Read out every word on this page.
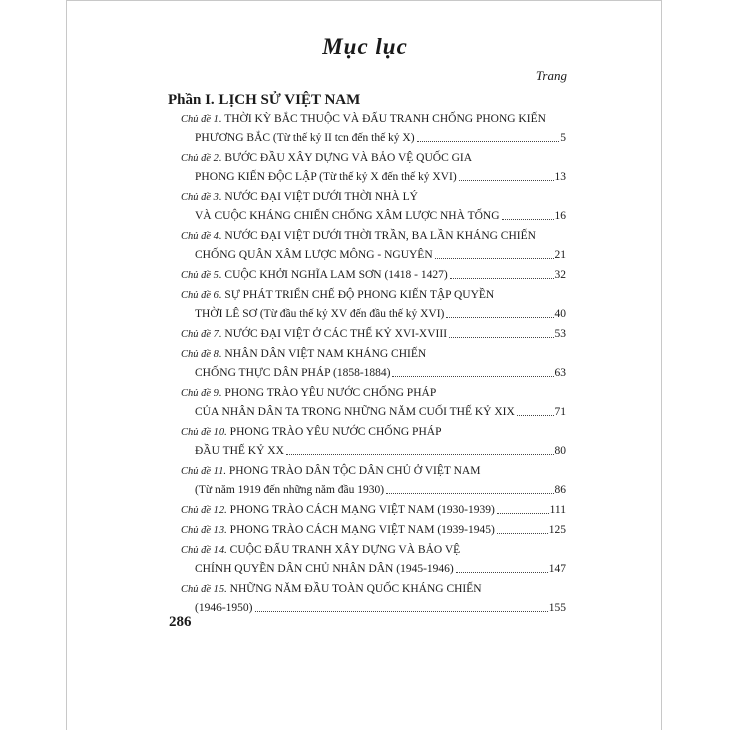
Mục lục
Trang
Phần I. LỊCH SỬ VIỆT NAM
Chủ đề 1. THỜI KỲ BẮC THUỘC VÀ ĐẤU TRANH CHỐNG PHONG KIẾN
PHƯƠNG BẮC (Từ thế kỷ II tcn đến thế kỷ X)	5
Chủ đề 2. BƯỚC ĐẦU XÂY DỰNG VÀ BẢO VỆ QUỐC GIA
PHONG KIẾN ĐỘC LẬP (Từ thế kỷ X đến thế kỷ XVI)	13
Chủ đề 3. NƯỚC ĐẠI VIỆT DƯỚI THỜI NHÀ LÝ
VÀ CUỘC KHÁNG CHIẾN CHỐNG XÂM LƯỢC NHÀ TỐNG	16
Chủ đề 4. NƯỚC ĐẠI VIỆT DƯỚI THỜI TRẦN, BA LẦN KHÁNG CHIẾN
CHỐNG QUÂN XÂM LƯỢC MÔNG - NGUYÊN	21
Chủ đề 5. CUỘC KHỞI NGHĨA LAM SƠN (1418 - 1427)	32
Chủ đề 6. SỰ PHÁT TRIỂN CHẾ ĐỘ PHONG KIẾN TẬP QUYỀN
THỜI LÊ SƠ (Từ đầu thế kỷ XV đến đầu thế kỷ XVI)	40
Chủ đề 7. NƯỚC ĐẠI VIỆT Ở CÁC THẾ KỶ XVI-XVIII	53
Chủ đề 8. NHÂN DÂN VIỆT NAM KHÁNG CHIẾN
CHỐNG THỰC DÂN PHÁP (1858-1884)	63
Chủ đề 9. PHONG TRÀO YÊU NƯỚC CHỐNG PHÁP
CỦA NHÂN DÂN TA TRONG NHỮNG NĂM CUỐI THẾ KỶ XIX	71
Chủ đề 10. PHONG TRÀO YÊU NƯỚC CHỐNG PHÁP
ĐẦU THẾ KỶ XX	80
Chủ đề 11. PHONG TRÀO DÂN TỘC DÂN CHỦ Ở VIỆT NAM
(Từ năm 1919 đến những năm đầu 1930)	86
Chủ đề 12. PHONG TRÀO CÁCH MẠNG VIỆT NAM (1930-1939)	111
Chủ đề 13. PHONG TRÀO CÁCH MẠNG VIỆT NAM (1939-1945)	125
Chủ đề 14. CUỘC ĐẤU TRANH XÂY DỰNG VÀ BẢO VỆ
CHÍNH QUYỀN DÂN CHỦ NHÂN DÂN (1945-1946)	147
Chủ đề 15. NHỮNG NĂM ĐẦU TOÀN QUỐC KHÁNG CHIẾN
(1946-1950)	155
286
